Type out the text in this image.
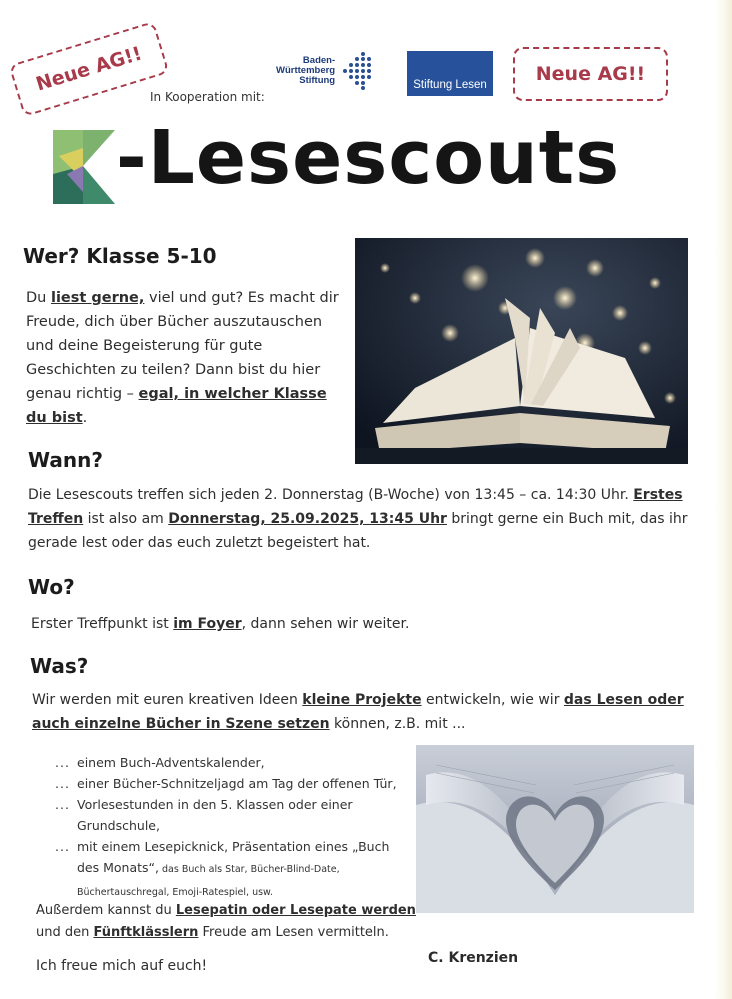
Neue AG!!	Neue AG!!
In Kooperation mit:
Baden-
Württemberg
Stiftung	Stiftung Lesen
-Lesescouts
Wer? Klasse 5-10
Du liest gerne, viel und gut? Es macht dir Freude, dich über Bücher auszutauschen und deine Begeisterung für gute Geschichten zu teilen? Dann bist du hier genau richtig – egal, in welcher Klasse du bist.
Wann?
Die Lesescouts treffen sich jeden 2. Donnerstag (B-Woche) von 13:45 – ca. 14:30 Uhr. Erstes Treffen ist also am Donnerstag, 25.09.2025, 13:45 Uhr bringt gerne ein Buch mit, das ihr gerade lest oder das euch zuletzt begeistert hat.
Wo?
Erster Treffpunkt ist im Foyer, dann sehen wir weiter.
Was?
Wir werden mit euren kreativen Ideen kleine Projekte entwickeln, wie wir das Lesen oder auch einzelne Bücher in Szene setzen können, z.B. mit ...
... einem Buch-Adventskalender,
... einer Bücher-Schnitzeljagd am Tag der offenen Tür,
... Vorlesestunden in den 5. Klassen oder einer Grundschule,
... mit einem Lesepicknick, Präsentation eines „Buch des Monats“, das Buch als Star, Bücher-Blind-Date, Büchertauschregal, Emoji-Ratespiel, usw.
Außerdem kannst du Lesepatin oder Lesepate werden und den Fünftklässlern Freude am Lesen vermitteln.
Ich freue mich auf euch!	C. Krenzien
